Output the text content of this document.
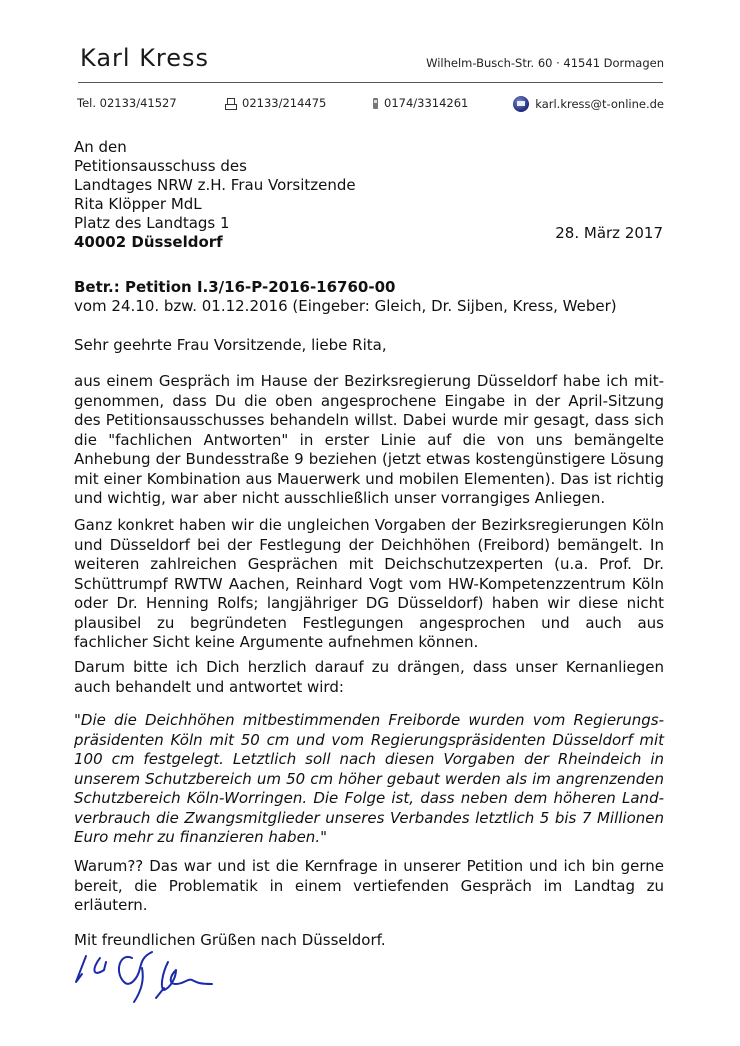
Karl Kress	Wilhelm-Busch-Str. 60 · 41541 Dormagen
Tel. 02133/41527	02133/214475	0174/3314261	karl.kress@t-online.de
An den
Petitionsausschuss des
Landtages NRW z.H. Frau Vorsitzende
Rita Klöpper MdL
Platz des Landtags 1
40002 Düsseldorf	28. März 2017
Betr.: Petition I.3/16-P-2016-16760-00
vom 24.10. bzw. 01.12.2016 (Eingeber: Gleich, Dr. Sijben, Kress, Weber)
Sehr geehrte Frau Vorsitzende, liebe Rita,
aus einem Gespräch im Hause der Bezirksregierung Düsseldorf habe ich mit-genommen, dass Du die oben angesprochene Eingabe in der April-Sitzung des Petitionsausschusses behandeln willst. Dabei wurde mir gesagt, dass sich die "fachlichen Antworten" in erster Linie auf die von uns bemängelte Anhebung der Bundesstraße 9 beziehen (jetzt etwas kostengünstigere Lösung mit einer Kombination aus Mauerwerk und mobilen Elementen). Das ist richtig und wichtig, war aber nicht ausschließlich unser vorrangiges Anliegen.
Ganz konkret haben wir die ungleichen Vorgaben der Bezirksregierungen Köln und Düsseldorf bei der Festlegung der Deichhöhen (Freibord) bemängelt. In weiteren zahlreichen Gesprächen mit Deichschutzexperten (u.a. Prof. Dr. Schüttrumpf RWTW Aachen, Reinhard Vogt vom HW-Kompetenzzentrum Köln oder Dr. Henning Rolfs; langjähriger DG Düsseldorf) haben wir diese nicht plausibel zu begründeten Festlegungen angesprochen und auch aus fachlicher Sicht keine Argumente aufnehmen können.
Darum bitte ich Dich herzlich darauf zu drängen, dass unser Kernanliegen auch behandelt und antwortet wird:
"Die die Deichhöhen mitbestimmenden Freiborde wurden vom Regierungs-präsidenten Köln mit 50 cm und vom Regierungspräsidenten Düsseldorf mit 100 cm festgelegt. Letztlich soll nach diesen Vorgaben der Rheindeich in unserem Schutzbereich um 50 cm höher gebaut werden als im angrenzenden Schutzbereich Köln-Worringen. Die Folge ist, dass neben dem höheren Land-verbrauch die Zwangsmitglieder unseres Verbandes letztlich 5 bis 7 Millionen Euro mehr zu finanzieren haben."
Warum?? Das war und ist die Kernfrage in unserer Petition und ich bin gerne bereit, die Problematik in einem vertiefenden Gespräch im Landtag zu erläutern.
Mit freundlichen Grüßen nach Düsseldorf.
